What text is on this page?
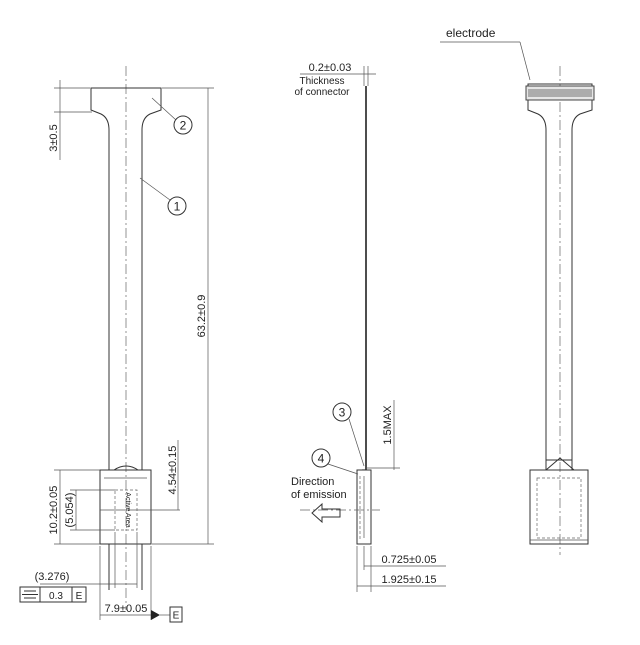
Active Area
2
1
3±0.5
63.2±0.9
10.2±0.05 (5.054)
4.54±0.15
(3.276)
0.3 E
7.9±0.05
E
0.2±0.03
Thickness
of connector
1.5MAX
3
4
Direction
of emission
0.725±0.05
1.925±0.15
electrode
